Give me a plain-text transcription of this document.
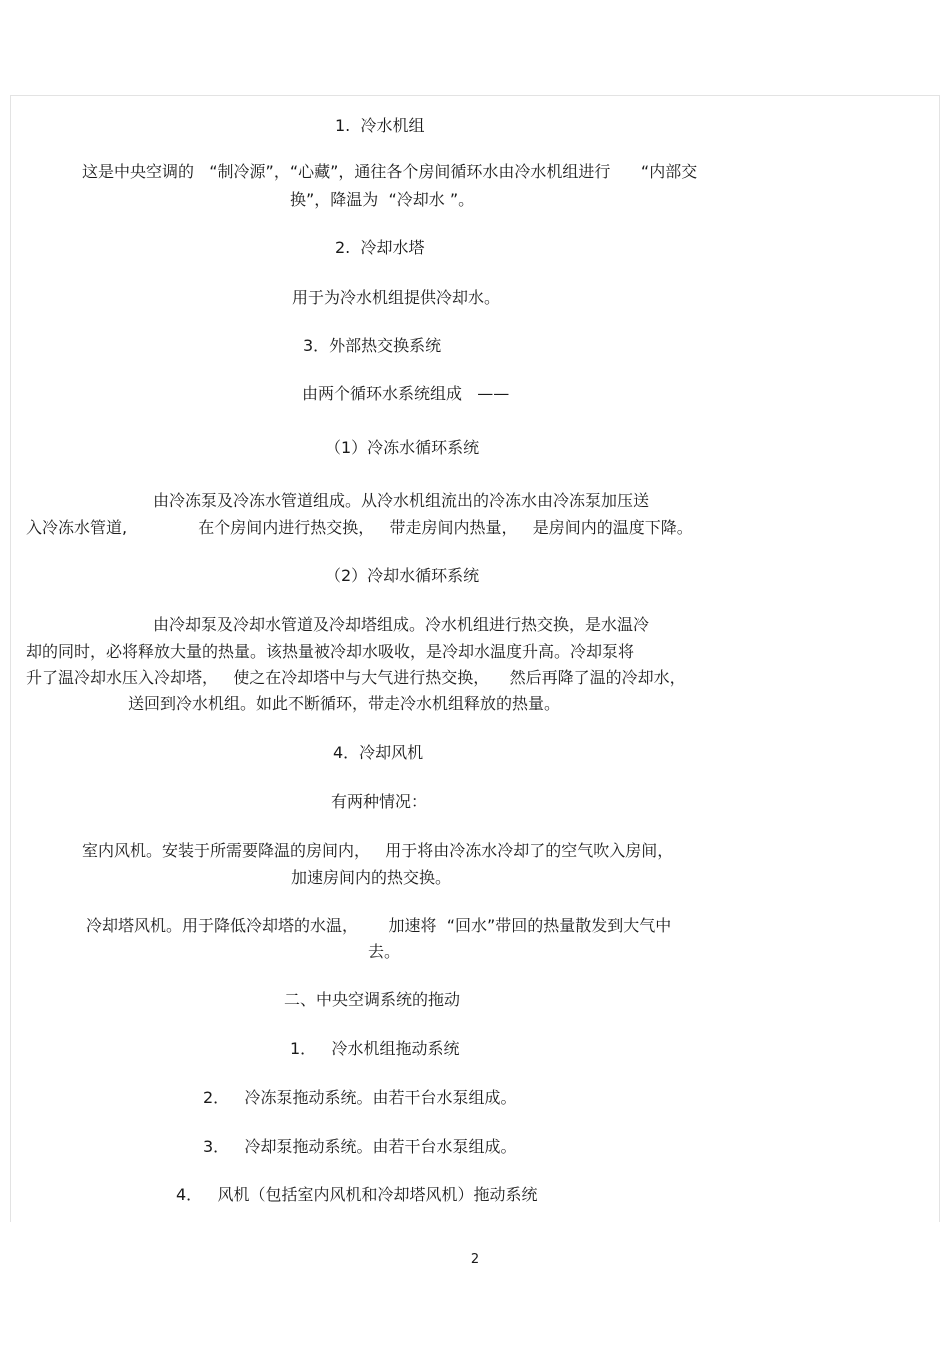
1.  冷水机组
这是中央空调的   “制冷源”，“心藏”，通往各个房间循环水由冷水机组进行      “内部交
换”，降温为  “冷却水 ”。
2.  冷却水塔
用于为冷水机组提供冷却水。
3．外部热交换系统
由两个循环水系统组成   ——
（1）冷冻水循环系统
由冷冻泵及冷冻水管道组成。从冷水机组流出的冷冻水由冷冻泵加压送
入冷冻水管道,              在个房间内进行热交换，   带走房间内热量，   是房间内的温度下降。
（2）冷却水循环系统
由冷却泵及冷却水管道及冷却塔组成。冷水机组进行热交换，是水温冷
却的同时，必将释放大量的热量。该热量被冷却水吸收，是冷却水温度升高。冷却泵将
升了温冷却水压入冷却塔，   使之在冷却塔中与大气进行热交换，    然后再降了温的冷却水，
送回到冷水机组。如此不断循环，带走冷水机组释放的热量。
4．冷却风机
有两种情况：
室内风机。安装于所需要降温的房间内，   用于将由冷冻水冷却了的空气吹入房间，
加速房间内的热交换。
冷却塔风机。用于降低冷却塔的水温，      加速将  “回水”带回的热量散发到大气中
去。
二、中央空调系统的拖动
1．   冷水机组拖动系统
2．   冷冻泵拖动系统。由若干台水泵组成。
3．   冷却泵拖动系统。由若干台水泵组成。
4．   风机（包括室内风机和冷却塔风机）拖动系统
2
